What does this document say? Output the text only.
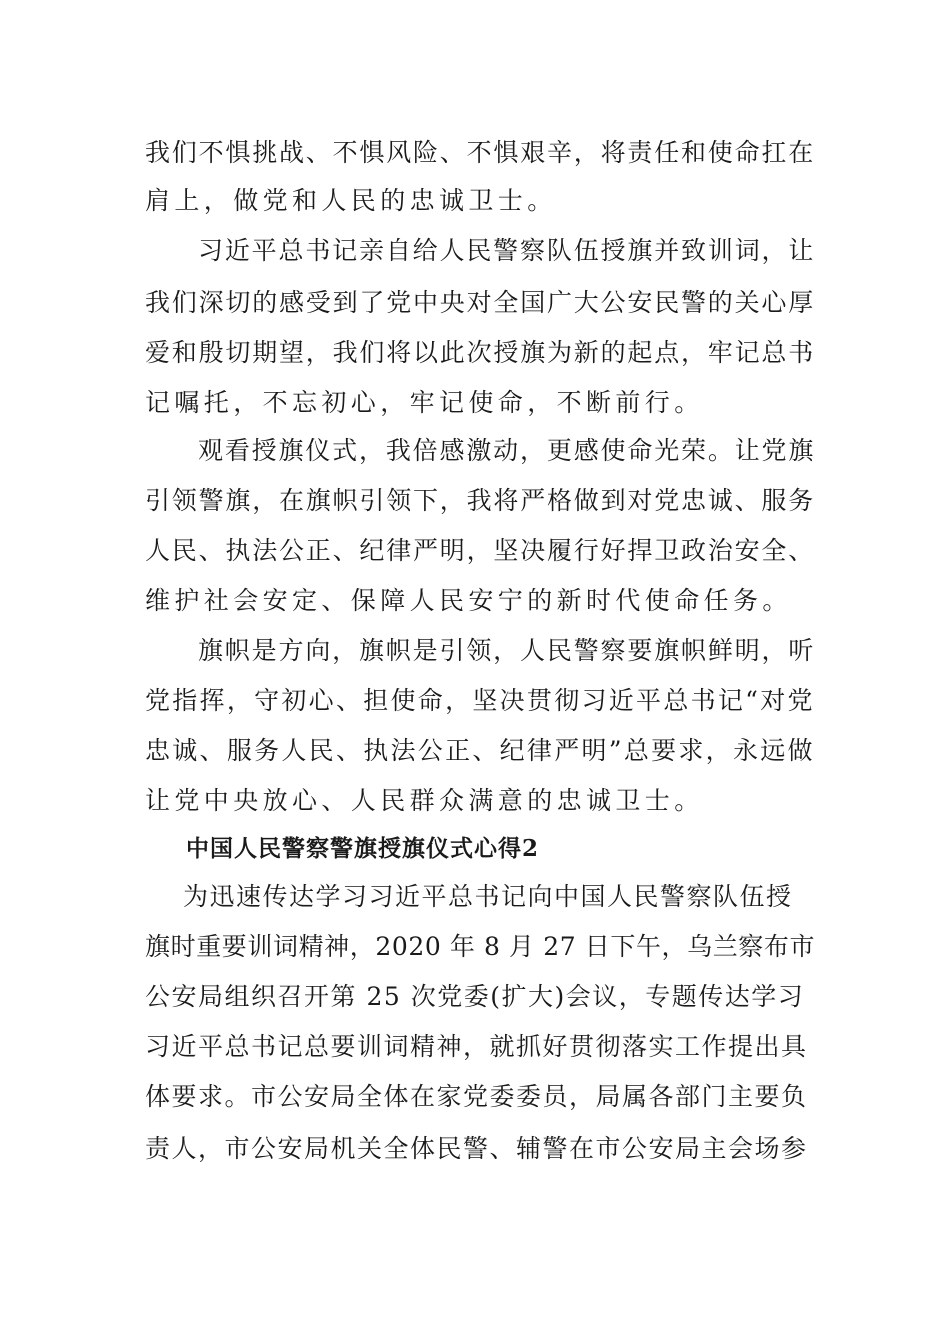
我们不惧挑战、不惧风险、不惧艰辛，将责任和使命扛在
肩上，做党和人民的忠诚卫士。
习近平总书记亲自给人民警察队伍授旗并致训词，让
我们深切的感受到了党中央对全国广大公安民警的关心厚
爱和殷切期望，我们将以此次授旗为新的起点，牢记总书
记嘱托，不忘初心，牢记使命，不断前行。
观看授旗仪式，我倍感激动，更感使命光荣。让党旗
引领警旗，在旗帜引领下，我将严格做到对党忠诚、服务
人民、执法公正、纪律严明，坚决履行好捍卫政治安全、
维护社会安定、保障人民安宁的新时代使命任务。
旗帜是方向，旗帜是引领，人民警察要旗帜鲜明，听
党指挥，守初心、担使命，坚决贯彻习近平总书记“对党
忠诚、服务人民、执法公正、纪律严明”总要求，永远做
让党中央放心、人民群众满意的忠诚卫士。
中国人民警察警旗授旗仪式心得2
为迅速传达学习习近平总书记向中国人民警察队伍授
旗时重要训词精神，2020 年 8 月 27 日下午，乌兰察布市
公安局组织召开第 25 次党委(扩大)会议，专题传达学习
习近平总书记总要训词精神，就抓好贯彻落实工作提出具
体要求。市公安局全体在家党委委员，局属各部门主要负
责人，市公安局机关全体民警、辅警在市公安局主会场参
